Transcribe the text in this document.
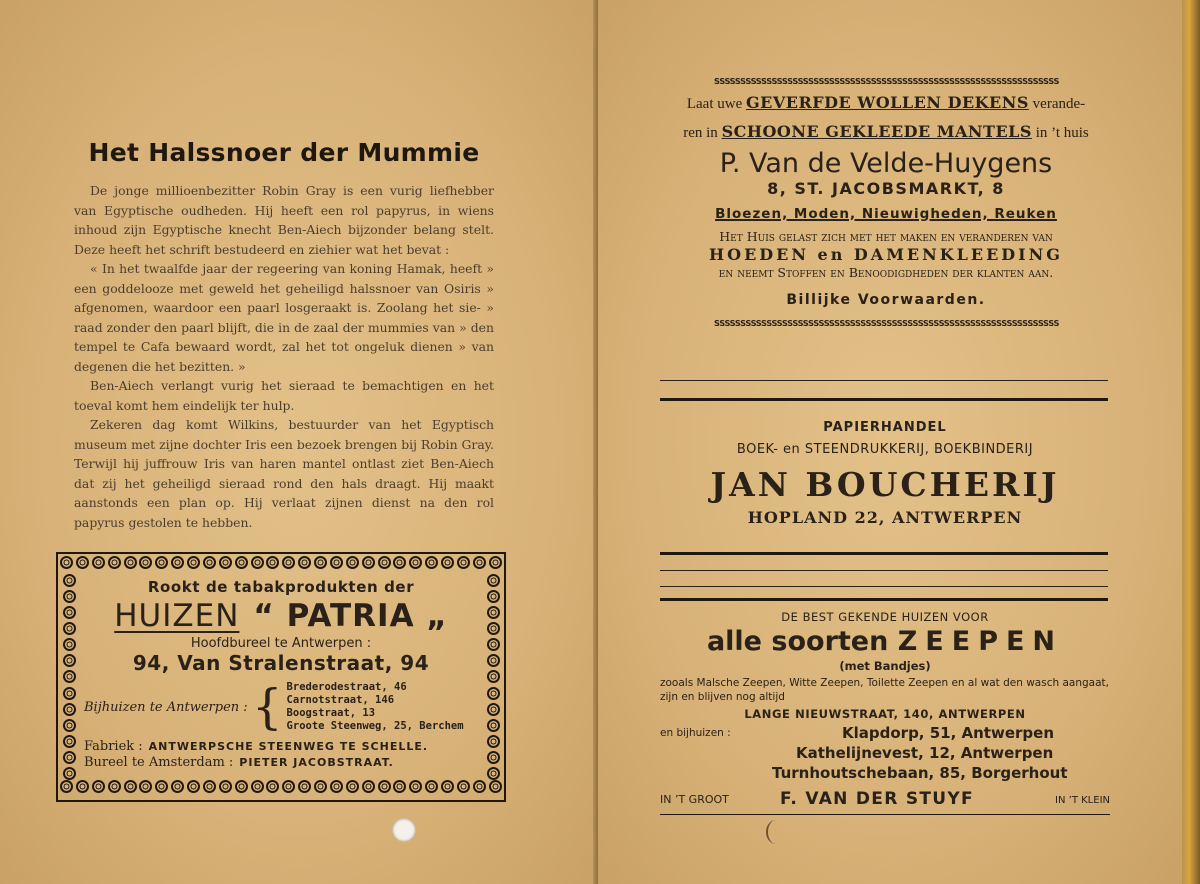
Het Halssnoer der Mummie

De jonge millioenbezitter Robin Gray is een vurig liefhebber van Egyptische oudheden. Hij heeft een rol papyrus, in wiens inhoud zijn Egyptische knecht Ben-Aiech bijzonder belang stelt. Deze heeft het schrift bestudeerd en ziehier wat het bevat :

« In het twaalfde jaar der regeering van koning Hamak, heeft » een goddelooze met geweld het geheiligd halssnoer van Osiris » afgenomen, waardoor een paarl losgeraakt is. Zoolang het sie- » raad zonder den paarl blijft, die in de zaal der mummies van » den tempel te Cafa bewaard wordt, zal het tot ongeluk dienen » van degenen die het bezitten. »

Ben-Aiech verlangt vurig het sieraad te bemachtigen en het toeval komt hem eindelijk ter hulp.

Zekeren dag komt Wilkins, bestuurder van het Egyptisch museum met zijne dochter Iris een bezoek brengen bij Robin Gray. Terwijl hij juffrouw Iris van haren mantel ontlast ziet Ben-Aiech dat zij het geheiligd sieraad rond den hals draagt. Hij maakt aanstonds een plan op. Hij verlaat zijnen dienst na den rol papyrus gestolen te hebben.

Rookt de tabakprodukten der
HUIZEN “ PATRIA „
Hoofdbureel te Antwerpen :
94, Van Stralenstraat, 94
Bijhuizen te Antwerpen : { Brederodestraat, 46
Carnotstraat, 146
Boogstraat, 13
Groote Steenweg, 25, Berchem
Fabriek : ANTWERPSCHE STEENWEG TE SCHELLE.
Bureel te Amsterdam : PIETER JACOBSTRAAT.
ssssssssssssssssssssssssssssssssssssssssssssssssssssssssssssssssss
Laat uwe GEVERFDE WOLLEN DEKENS verande-
ren in SCHOONE GEKLEEDE MANTELS in ’t huis
P. Van de Velde-Huygens
8, ST. JACOBSMARKT, 8
Bloezen, Moden, Nieuwigheden, Reuken
Het Huis gelast zich met het maken en veranderen van
HOEDEN en DAMENKLEEDING
en neemt Stoffen en Benoodigdheden der klanten aan.
Billijke Voorwaarden.
ssssssssssssssssssssssssssssssssssssssssssssssssssssssssssssssssss
PAPIERHANDEL
BOEK- en STEENDRUKKERIJ, BOEKBINDERIJ
JAN BOUCHERIJ
HOPLAND 22, ANTWERPEN
DE BEST GEKENDE HUIZEN VOOR
alle soorten ZEEPEN
(met Bandjes)
zooals Malsche Zeepen, Witte Zeepen, Toilette Zeepen en al wat den wasch aangaat, zijn en blijven nog altijd
LANGE NIEUWSTRAAT, 140, ANTWERPEN
en bijhuizen :	Klapdorp, 51, Antwerpen
Kathelijnevest, 12, Antwerpen
Turnhoutschebaan, 85, Borgerhout
IN ’T GROOT	F. VAN DER STUYF	IN ’T KLEIN
